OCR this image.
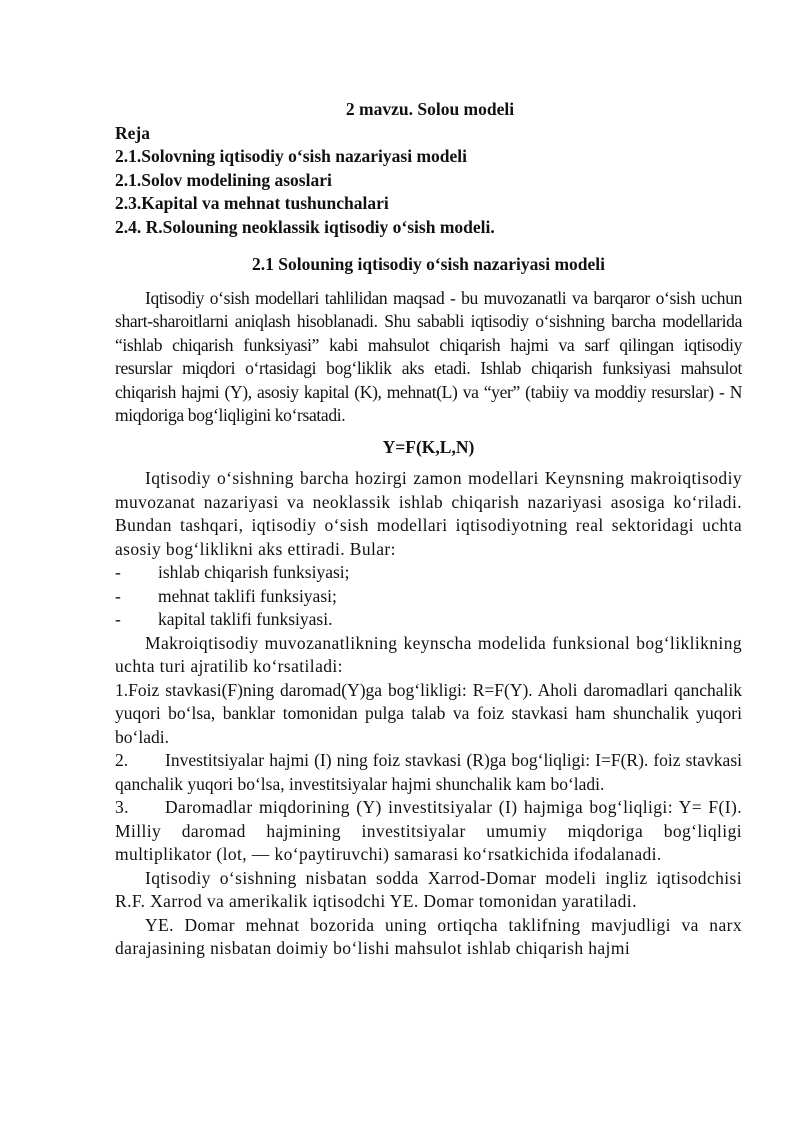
2 mavzu. Solou modeli

Reja

2.1.Solovning iqtisodiy o‘sish nazariyasi modeli

2.1.Solov modelining asoslari

2.3.Kapital va mehnat tushunchalari

2.4. R.Solouning neoklassik iqtisodiy o‘sish modeli.

2.1 Solouning iqtisodiy o‘sish nazariyasi modeli

Iqtisodiy o‘sish modellari tahlilidan maqsad - bu muvozanatli va barqaror o‘sish uchun shart-sharoitlarni aniqlash hisoblanadi. Shu sababli iqtisodiy o‘sishning barcha modellarida “ishlab chiqarish funksiyasi” kabi mahsulot chiqarish hajmi va sarf qilingan iqtisodiy resurslar miqdori o‘rtasidagi bog‘liklik aks etadi. Ishlab chiqarish funksiyasi mahsulot chiqarish hajmi (Y), asosiy kapital (K), mehnat(L) va “yer” (tabiiy va moddiy resurslar) - N miqdoriga bog‘liqligini ko‘rsatadi.

Y=F(K,L,N)

Iqtisodiy o‘sishning barcha hozirgi zamon modellari Keynsning makroiqtisodiy muvozanat nazariyasi va neoklassik ishlab chiqarish nazariyasi asosiga ko‘riladi. Bundan tashqari, iqtisodiy o‘sish modellari iqtisodiyotning real sektoridagi uchta asosiy bog‘liklikni aks ettiradi. Bular:

-	ishlab chiqarish funksiyasi;
-	mehnat taklifi funksiyasi;
-	kapital taklifi funksiyasi.

Makroiqtisodiy muvozanatlikning keynscha modelida funksional bog‘liklikning uchta turi ajratilib ko‘rsatiladi:

1.Foiz stavkasi(F)ning daromad(Y)ga bog‘likligi: R=F(Y). Aholi daromadlari qanchalik yuqori bo‘lsa, banklar tomonidan pulga talab va foiz stavkasi ham shunchalik yuqori bo‘ladi.

2. Investitsiyalar hajmi (I) ning foiz stavkasi (R)ga bog‘liqligi: I=F(R). foiz stavkasi qanchalik yuqori bo‘lsa, investitsiyalar hajmi shunchalik kam bo‘ladi.

3. Daromadlar miqdorining (Y) investitsiyalar (I) hajmiga bog‘liqligi: Y= F(I). Milliy daromad hajmining investitsiyalar umumiy miqdoriga bog‘liqligi multiplikator (lot, — ko‘paytiruvchi) samarasi ko‘rsatkichida ifodalanadi.

Iqtisodiy o‘sishning nisbatan sodda Xarrod-Domar modeli ingliz iqtisodchisi R.F. Xarrod va amerikalik iqtisodchi YE. Domar tomonidan yaratiladi.

YE. Domar mehnat bozorida uning ortiqcha taklifning mavjudligi va narx darajasining nisbatan doimiy bo‘lishi mahsulot ishlab chiqarish hajmi
